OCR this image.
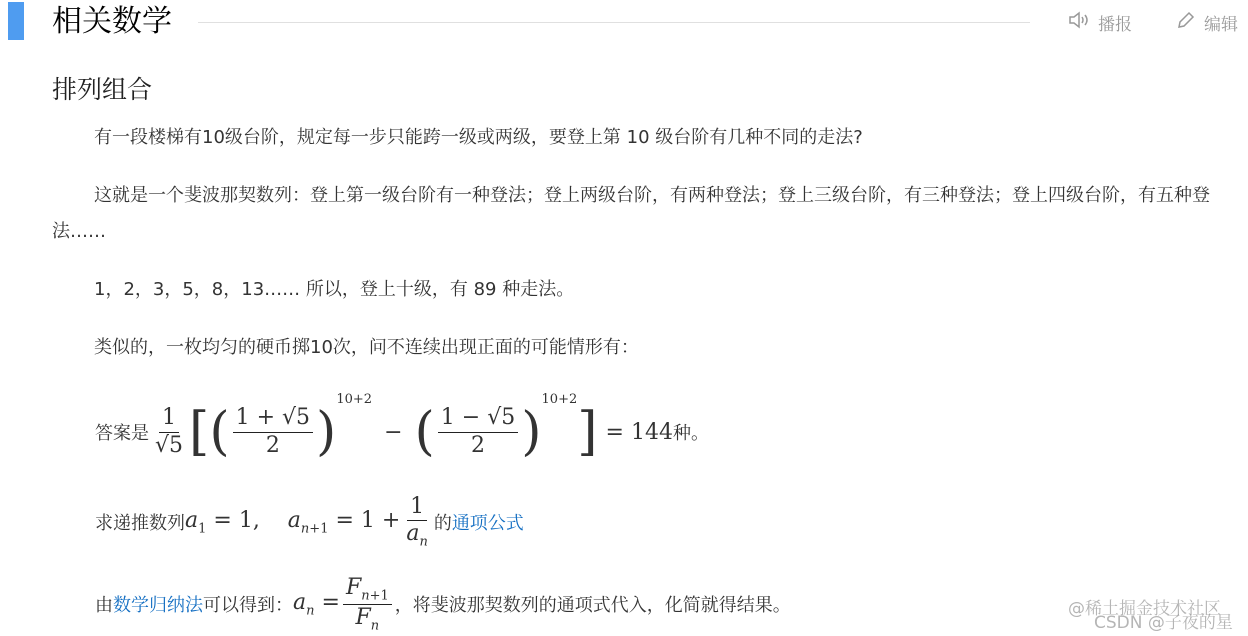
相关数学	播报	编辑
排列组合
有一段楼梯有10级台阶，规定每一步只能跨一级或两级，要登上第 10 级台阶有几种不同的走法?
这就是一个斐波那契数列：登上第一级台阶有一种登法；登上两级台阶，有两种登法；登上三级台阶，有三种登法；登上四级台阶，有五种登法……
1，2，3，5，8，13…… 所以，登上十级，有 89 种走法。
类似的，一枚均匀的硬币掷10次，问不连续出现正面的可能情形有：
答案是 $\frac{1}{√5}$ [ ( $\frac{1 + √5}{2}$ )
$^{10+2}$
− ( $\frac{1 - √5}{2}$ )
$^{10+2}$
] = 144 种。
求递推数列 $a_1 = 1$,    $a_{n+1} = 1 + \frac{1}{a_n}$ 的 通项公式
由 数学归纳法 可以得到： $a_n = \frac{F_{n+1}}{F_n}$ ，将斐波那契数列的通项式代入，化简就得结果。	@稀土掘金技术社区
CSDN @子夜的星
